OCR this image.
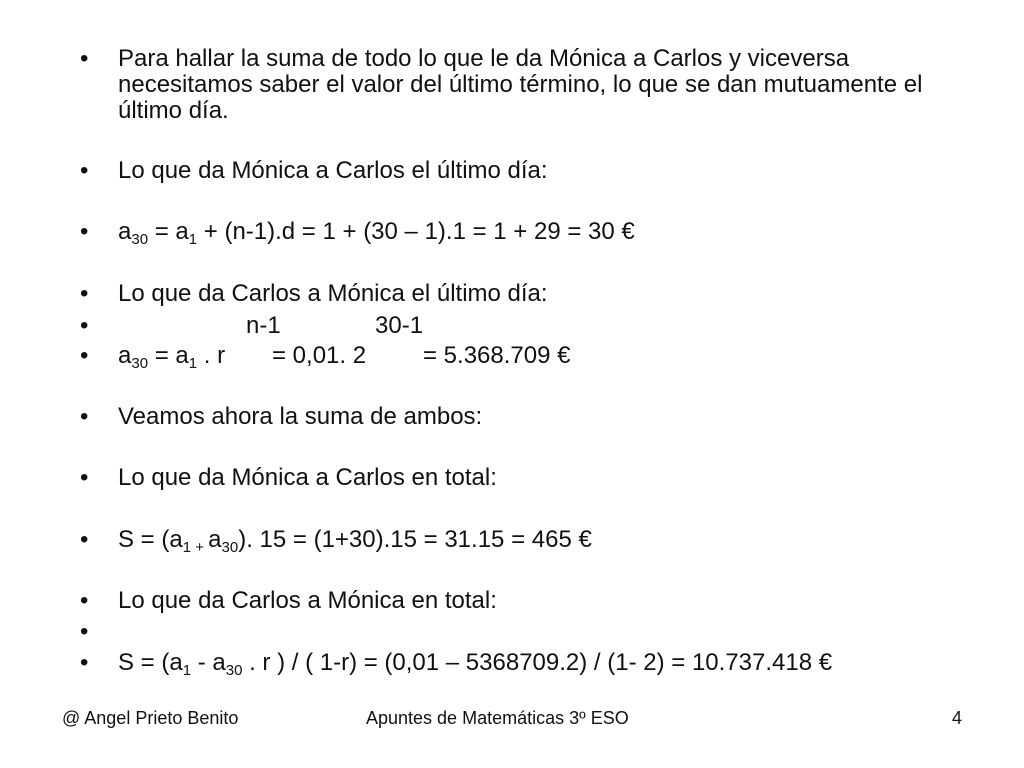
• Para hallar la suma de todo lo que le da Mónica a Carlos y viceversa necesitamos saber el valor del último término, lo que se dan mutuamente el último día.
• Lo que da Mónica a Carlos el último día:
• $a_{30} = a_1 + (n-1).d = 1 + (30 - 1).1 = 1 + 29 = 30$ €
• Lo que da Carlos a Mónica el último día:
•	n-1	30-1
• $a_{30} = a_1$ . r = 0,01. 2 = 5.368.709 €
• Veamos ahora la suma de ambos:
• Lo que da Mónica a Carlos en total:
• $S = (a_1$ $_+$ $a_{30}$). 15 = (1+30).15 = 31.15 = 465 €
• Lo que da Carlos a Mónica en total:
•
• $S = (a_1 - a_{30}$ . r ) / ( 1-r) = (0,01 – 5368709.2) / (1- 2) = 10.737.418 €
@ Angel Prieto Benito	Apuntes de Matemáticas 3º ESO	4
